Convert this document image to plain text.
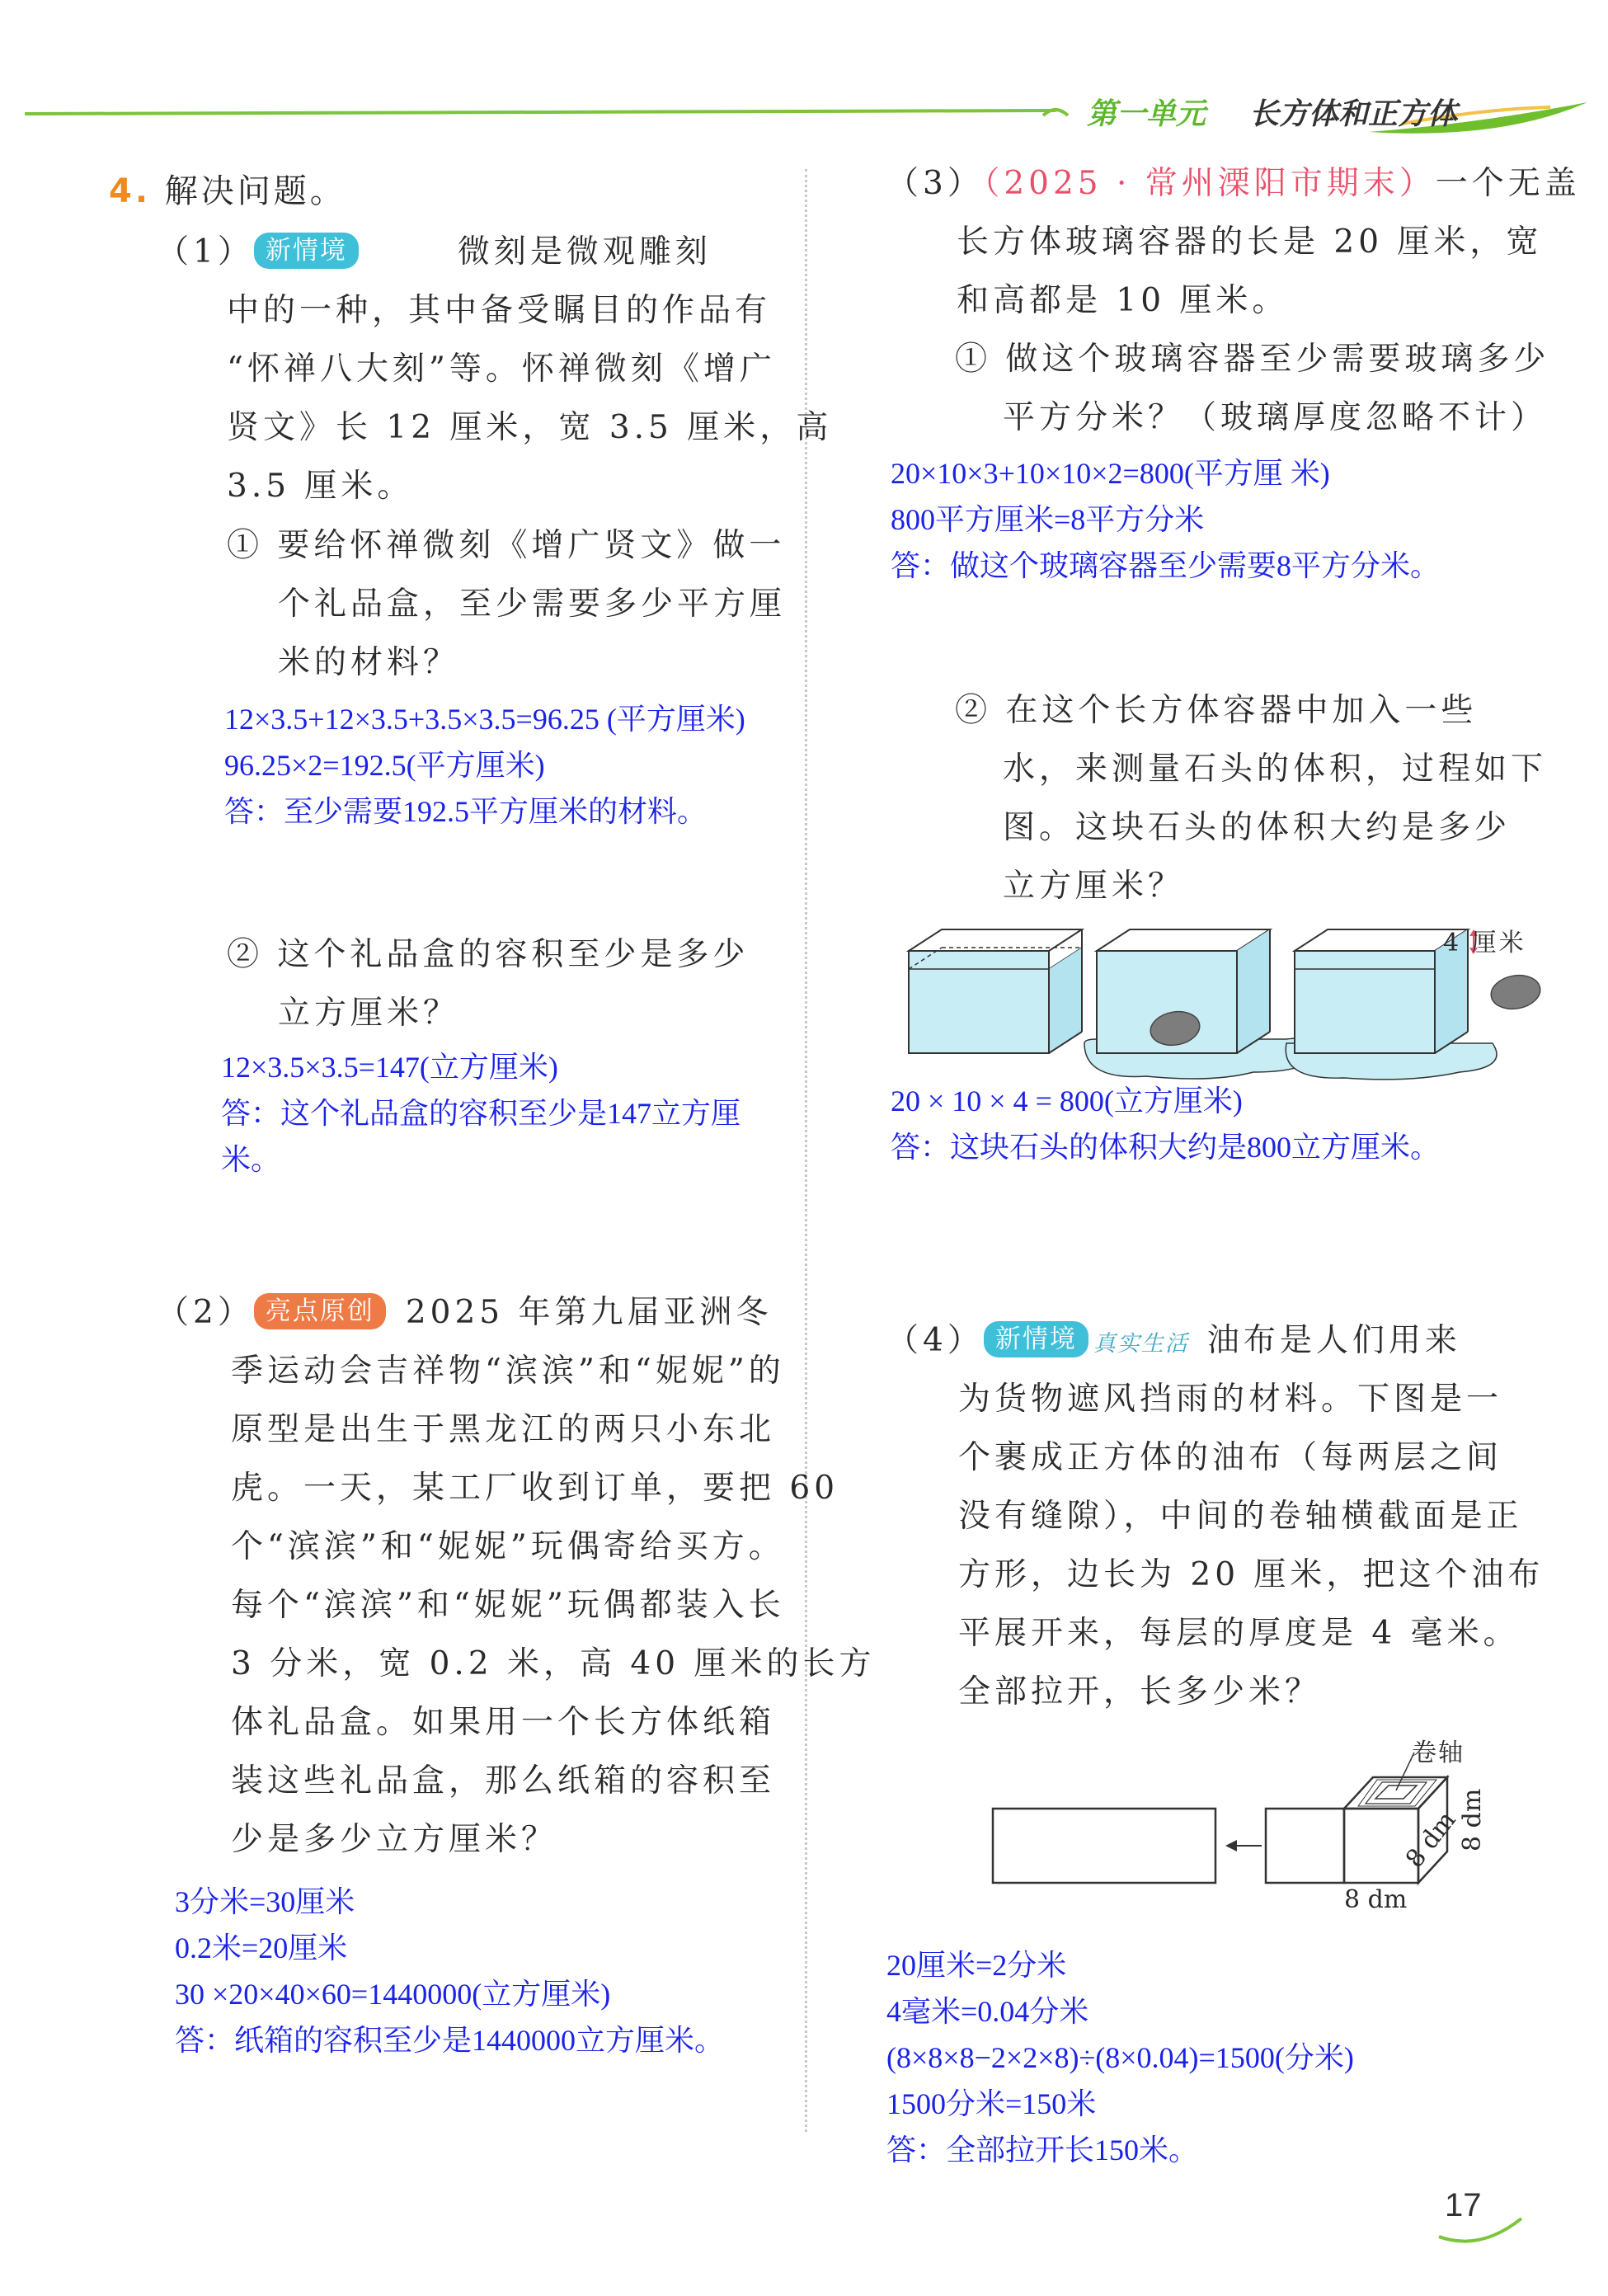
第一单元 长方体和正方体
4. 解决问题。
（1） 新情境	微刻是微观雕刻
中的一种，其中备受瞩目的作品有
“怀禅八大刻”等。怀禅微刻《增广
贤文》长 12 厘米，宽 3.5 厘米，高
3.5 厘米。
① 要给怀禅微刻《增广贤文》做一
个礼品盒，至少需要多少平方厘
米的材料？
12×3.5+12×3.5+3.5×3.5=96.25 (平方厘米)
96.25×2=192.5(平方厘米)
答：至少需要192.5平方厘米的材料。
② 这个礼品盒的容积至少是多少
立方厘米？
12×3.5×3.5=147(立方厘米)
答：这个礼品盒的容积至少是147立方厘
米。
（2） 亮点原创 2025 年第九届亚洲冬
季运动会吉祥物“滨滨”和“妮妮”的
原型是出生于黑龙江的两只小东北
虎。一天，某工厂收到订单，要把 60
个“滨滨”和“妮妮”玩偶寄给买方。
每个“滨滨”和“妮妮”玩偶都装入长
3 分米，宽 0.2 米，高 40 厘米的长方
体礼品盒。如果用一个长方体纸箱
装这些礼品盒，那么纸箱的容积至
少是多少立方厘米？
3分米=30厘米
0.2米=20厘米
30 ×20×40×60=1440000(立方厘米)
答：纸箱的容积至少是1440000立方厘米。
（3）（2025 · 常州溧阳市期末）一个无盖
长方体玻璃容器的长是 20 厘米，宽
和高都是 10 厘米。
① 做这个玻璃容器至少需要玻璃多少
平方分米？（玻璃厚度忽略不计）
20×10×3+10×10×2=800(平方厘 米)
800平方厘米=8平方分米
答：做这个玻璃容器至少需要8平方分米。
② 在这个长方体容器中加入一些
水，来测量石头的体积，过程如下
图。这块石头的体积大约是多少
立方厘米？
4 厘米
20 × 10 × 4 = 800(立方厘米)
答：这块石头的体积大约是800立方厘米。
（4） 新情境 真实生活 油布是人们用来
为货物遮风挡雨的材料。下图是一
个裹成正方体的油布（每两层之间
没有缝隙），中间的卷轴横截面是正
方形，边长为 20 厘米，把这个油布
平展开来，每层的厚度是 4 毫米。
全部拉开，长多少米？
卷轴
8 dm
8 dm
8 dm
20厘米=2分米
4毫米=0.04分米
(8×8×8−2×2×8)÷(8×0.04)=1500(分米)
1500分米=150米
答：全部拉开长150米。
17
